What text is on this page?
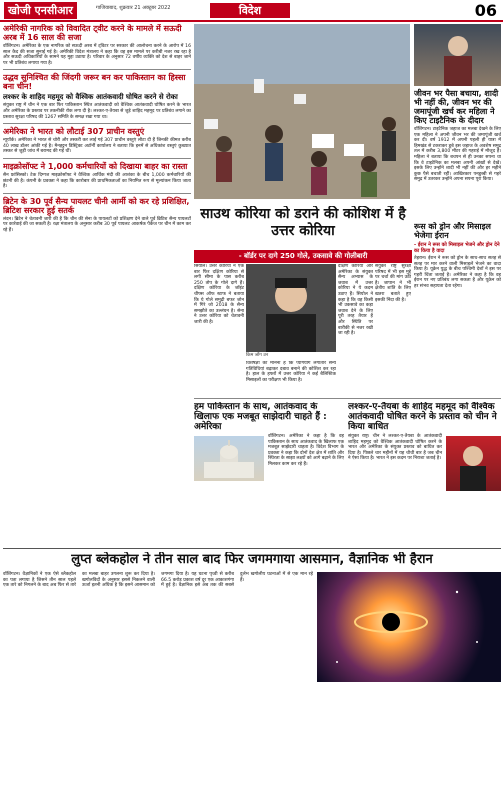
खोजी एनसीआर	गाजियाबाद, शुक्रवार 21 अक्टूबर 2022	विदेश	06
अमेरिकी नागरिक को विवादित ट्वीट करने के मामले में सऊदी अरब में 16 साल की सजा

वॉशिंगटन। अमेरिका के एक नागरिक को सऊदी अरब में ट्विटर पर सरकार की आलोचना करने के आरोप में 16 साल कैद की सजा सुनाई गई है। अमेरिकी विदेश मंत्रालय ने कहा कि वह इस मामले पर करीबी नजर रख रहा है और सऊदी अधिकारियों के सामने यह मुद्दा उठाया है। परिवार के अनुसार 72 वर्षीय व्यक्ति को देश से बाहर जाने पर भी प्रतिबंध लगाया गया है।

उद्धव सुनिश्चित की जिंदगी जरूर बन कर पाकिस्तान का हिस्सा बना चीन!
लश्कर के शाहिद महमूद को वैश्विक आतंकवादी घोषित करने से रोका

संयुक्त राष्ट्र में चीन ने एक बार फिर पाकिस्तान स्थित आतंकवादी को वैश्विक आतंकवादी घोषित करने के भारत और अमेरिका के प्रस्ताव पर तकनीकी रोक लगा दी है। लश्कर-ए-तैयबा से जुड़े शाहिद महमूद पर प्रतिबंध लगाने का प्रस्ताव सुरक्षा परिषद की 1267 समिति के समक्ष रखा गया था।

अमेरिका ने भारत को लौटाई 307 प्राचीन वस्तुएं

न्यूयॉर्क। अमेरिका ने भारत से चोरी और तस्करी कर लाई गई 307 प्राचीन वस्तुएं लौटा दी हैं जिनकी कीमत करीब 40 लाख डॉलर आंकी गई है। मैनहट्टन डिस्ट्रिक्ट अटॉर्नी कार्यालय ने बताया कि इनमें से अधिकांश वस्तुएं कुख्यात तस्कर से जुड़ी जांच में बरामद की गई थीं।

माइक्रोसॉफ्ट ने 1,000 कर्मचारियों को दिखाया बाहर का रास्ता

सैन फ्रांसिस्को। टेक दिग्गज माइक्रोसॉफ्ट ने वैश्विक आर्थिक मंदी की आशंका के बीच 1,000 कर्मचारियों की छंटनी की है। कंपनी के प्रवक्ता ने कहा कि कारोबार की प्राथमिकताओं का नियमित रूप से मूल्यांकन किया जाता है।

ब्रिटेन के 30 पूर्व सैन्य पायलट चीनी आर्मी को कर रहे प्रशिक्षित, ब्रिटिश सरकार हुई सतर्क

लंदन। ब्रिटेन ने चेतावनी जारी की है कि चीन की सेना के पायलटों को प्रशिक्षण देने वाले पूर्व ब्रिटिश सैन्य पायलटों पर कार्रवाई की जा सकती है। रक्षा मंत्रालय के अनुसार करीब 30 पूर्व पायलट आकर्षक पैकेज पर चीन में काम कर रहे हैं।

जीवन भर पैसा बचाया, शादी भी नहीं की, जीवन भर की जमापूंजी खर्च कर महिला ने किए टाइटैनिक के दीदार

वॉशिंगटन। टाइटैनिक जहाज का मलबा देखने के लिए एक महिला ने अपनी जीवन भर की जमापूंजी खर्च कर दी। वर्ष 1912 में अपनी पहली ही यात्रा में हिमखंड से टकराकर डूबे इस जहाज के अवशेष समुद्र तल में करीब 3,800 मीटर की गहराई में मौजूद हैं। महिला ने बताया कि बचपन से ही उनका सपना था कि वे टाइटैनिक का मलबा अपनी आंखों से देखें। इसके लिए उन्होंने शादी भी नहीं की और हर महीने कुछ पैसे बचाती रहीं। आखिरकार पनडुब्बी से गहरे समुद्र में उतरकर उन्होंने अपना सपना पूरा किया।

साउथ कोरिया को डराने की कोशिश में है उत्तर कोरिया
- बॉर्डर पर दागे 250 गोले, उकसावे की गोलीबारी
रूस को ड्रोन और मिसाइल भेजेगा ईरान
- ईरान ने रूस को मिसाइल भेजने और ड्रोन देने का किया है वादा

तेहरान। ईरान ने रूस को ड्रोन के साथ-साथ सतह से सतह पर मार करने वाली मिसाइलें भेजने का वादा किया है। यूक्रेन युद्ध के बीच पश्चिमी देशों ने इस पर गहरी चिंता जताई है। अमेरिका ने कहा है कि वह ईरान पर नए प्रतिबंध लगा सकता है और यूक्रेन को हर संभव सहायता देता रहेगा।

सियोल। उत्तर कोरिया ने एक बार फिर दक्षिण कोरिया से लगी सीमा के पास करीब 250 तोप के गोले दागे हैं। दक्षिण कोरिया के जॉइंट चीफ्स ऑफ स्टाफ ने बताया कि ये गोले समुद्री बफर जोन में गिरे जो 2018 के सैन्य समझौते का उल्लंघन है। सेना ने उत्तर कोरिया को चेतावनी जारी की है।

किम जोंग उन

विशेषज्ञों का मानना है कि प्योंगयांग लगातार सैन्य गतिविधियां बढ़ाकर दबाव बनाने की कोशिश कर रहा है। हाल के हफ्तों में उत्तर कोरिया ने कई बैलिस्टिक मिसाइलों का परीक्षण भी किया है।

दक्षिण कोरिया और अमेरिका के संयुक्त सैन्य अभ्यास के जवाब में उत्तर कोरिया ने ये कदम उठाए हैं। सियोल ने कहा है कि वह किसी भी उकसावे का कड़ा जवाब देने के लिए पूरी तरह तैयार है और स्थिति पर बारीकी से नजर रखी जा रही है।

संयुक्त राष्ट्र सुरक्षा परिषद में भी इस मुद्दे पर चर्चा की मांग उठी है। जापान ने भी क्षेत्रीय शांति के लिए खतरा बताते हुए इसकी निंदा की है।

हम पाकिस्तान के साथ, आतंकवाद के खिलाफ एक मजबूत साझेदारी चाहते हैं : अमेरिका

वॉशिंगटन। अमेरिका ने कहा है कि वह पाकिस्तान के साथ आतंकवाद के खिलाफ एक मजबूत साझेदारी चाहता है। विदेश विभाग के प्रवक्ता ने कहा कि दोनों देश क्षेत्र में शांति और स्थिरता के साझा लक्ष्यों को आगे बढ़ाने के लिए मिलकर काम कर रहे हैं।

लश्कर-ए-तैयबा के शाहिद महमूद को वैश्विक आतंकवादी घोषित करने के प्रस्ताव को चीन ने किया बाधित

संयुक्त राष्ट्र। चीन ने लश्कर-ए-तैयबा के आतंकवादी शाहिद महमूद को वैश्विक आतंकवादी घोषित करने के भारत और अमेरिका के संयुक्त प्रस्ताव को बाधित कर दिया है। पिछले चार महीनों में यह चौथी बार है जब चीन ने ऐसा किया है। भारत ने इस कदम पर निराशा जताई है।

लुप्त ब्लेकहोल ने तीन साल बाद फिर जगमगाया आसमान, वैज्ञानिक भी हैरान

वॉशिंगटन। वैज्ञानिकों ने एक ऐसे ब्लैकहोल का पता लगाया है जिसने तीन साल पहले एक तारे को निगलने के बाद अब फिर से तारे का मलबा बाहर उगलना शुरू कर दिया है। खगोलविदों के अनुसार इससे निकलने वाली ऊर्जा इतनी अधिक है कि इसने आसमान को जगमगा दिया है। यह घटना पृथ्वी से करीब 66.5 करोड़ प्रकाश वर्ष दूर एक आकाशगंगा में हुई है। वैज्ञानिक इसे अब तक की सबसे दुर्लभ खगोलीय घटनाओं में से एक मान रहे हैं।
